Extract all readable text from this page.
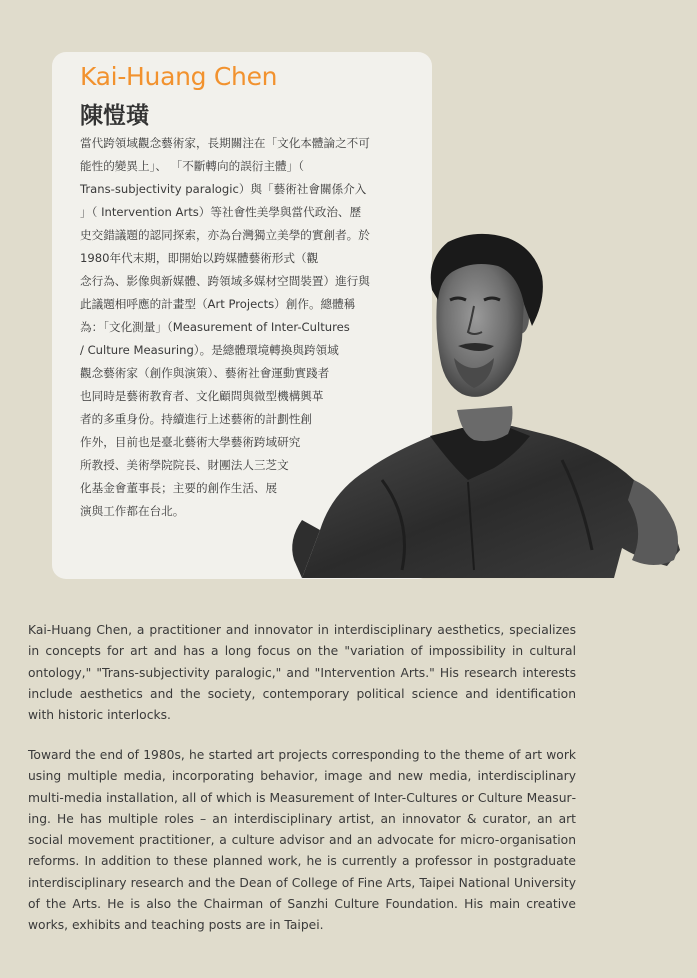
Kai-Huang Chen
陳愷璜
當代跨領域觀念藝術家，長期關注在「文化本體論之不可
能性的變異上」、 「不斷轉向的誤衍主體」（
Trans-subjectivity paralogic）與「藝術社會關係介入
」（ Intervention Arts）等社會性美學與當代政治、歷
史交錯議題的認同探索，亦為台灣獨立美學的實創者。於
1980年代末期，即開始以跨媒體藝術形式（觀
念行為、影像與新媒體、跨領域多媒材空間裝置）進行與
此議題相呼應的計畫型（Art Projects）創作。總體稱
為：「文化測量」（Measurement of Inter-Cultures
/ Culture Measuring）。是總體環境轉換與跨領域
觀念藝術家（創作與演策）、藝術社會運動實踐者
也同時是藝術教育者、文化顧問與微型機構興革
者的多重身份。持續進行上述藝術的計劃性創
作外，目前也是臺北藝術大學藝術跨域研究
所教授、美術學院院長、財團法人三芝文
化基金會董事長；主要的創作生活、展
演與工作都在台北。

Kai-Huang Chen, a practitioner and innovator in interdisciplinary aesthetics, specializes in concepts for art and has a long focus on the "variation of impossibility in cultural ontology," "Trans-subjectivity paralogic," and "Intervention Arts." His research interests include aesthetics and the society, contemporary political science and identification with historic interlocks.

Toward the end of 1980s, he started art projects corresponding to the theme of art work using multiple media, incorporating behavior, image and new media, interdisciplinary multi-media installation, all of which is Measurement of Inter-Cultures or Culture Measuring. He has multiple roles – an interdisciplinary artist, an innovator & curator, an art social movement practitioner, a culture advisor and an advocate for micro-organisation reforms. In addition to these planned work, he is currently a professor in postgraduate interdisciplinary research and the Dean of College of Fine Arts, Taipei National University of the Arts. He is also the Chairman of Sanzhi Culture Foundation. His main creative works, exhibits and teaching posts are in Taipei.
